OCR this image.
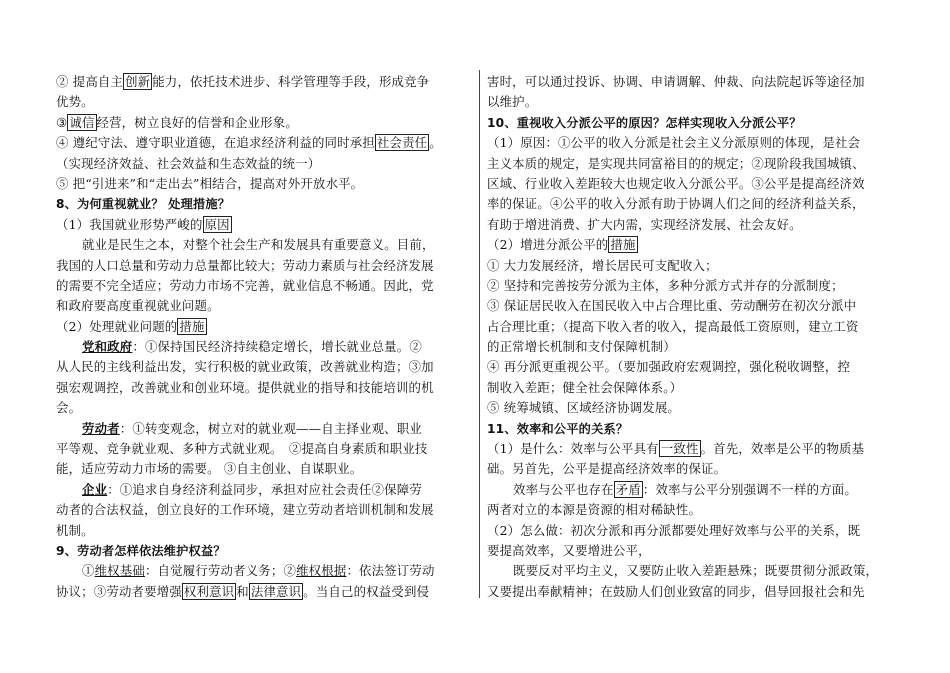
② 提高自主 创新 能力，依托技术进步、科学管理等手段，形成竞争
优势。
③ 诚信 经营，树立良好的信誉和企业形象。
④ 遵纪守法、遵守职业道德，在追求经济利益的同时承担 社会责任 。
（实现经济效益、社会效益和生态效益的统一）
⑤ 把“引进来”和“走出去”相结合，提高对外开放水平。
8、为何重视就业？ 处理措施？
（1）我国就业形势严峻的 原因
就业是民生之本，对整个社会生产和发展具有重要意义。目前，
我国的人口总量和劳动力总量都比较大；劳动力素质与社会经济发展
的需要不完全适应；劳动力市场不完善，就业信息不畅通。因此，党
和政府要高度重视就业问题。
（2）处理就业问题的 措施
党和政府：①保持国民经济持续稳定增长，增长就业总量。②
从人民的主线利益出发，实行积极的就业政策，改善就业构造；③加
强宏观调控，改善就业和创业环境。提供就业的指导和技能培训的机
会。
劳动者：①转变观念，树立对的就业观——自主择业观、职业
平等观、竞争就业观、多种方式就业观。　②提高自身素质和职业技
能，适应劳动力市场的需要。 ③自主创业、自谋职业。
企业：①追求自身经济利益同步，承担对应社会责任②保障劳
动者的合法权益，创立良好的工作环境，建立劳动者培训机制和发展
机制。
9、劳动者怎样依法维护权益？
①维权基础：自觉履行劳动者义务；②维权根据：依法签订劳动
协议；③劳动者要增强 权利意识 和 法律意识 。当自己的权益受到侵
害时，可以通过投诉、协调、申请调解、仲裁、向法院起诉等途径加
以维护。
10、重视收入分派公平的原因？怎样实现收入分派公平？
（1）原因：①公平的收入分派是社会主义分派原则的体现，是社会
主义本质的规定，是实现共同富裕目的的规定；②现阶段我国城镇、
区域、行业收入差距较大也规定收入分派公平。③公平是提高经济效
率的保证。④公平的收入分派有助于协调人们之间的经济利益关系，
有助于增进消费、扩大内需，实现经济发展、社会友好。
（2）增进分派公平的 措施
① 大力发展经济，增长居民可支配收入；
② 坚持和完善按劳分派为主体，多种分派方式并存的分派制度；
③ 保证居民收入在国民收入中占合理比重、劳动酬劳在初次分派中
占合理比重；（提高下收入者的收入，提高最低工资原则，建立工资
的正常增长机制和支付保障机制）
④ 再分派更重视公平。（要加强政府宏观调控，强化税收调整，控
制收入差距；健全社会保障体系。）
⑤ 统筹城镇、区域经济协调发展。
11、效率和公平的关系？
（1）是什么：效率与公平具有 一致性 。首先，效率是公平的物质基
础。另首先，公平是提高经济效率的保证。
效率与公平也存在 矛盾 ：效率与公平分别强调不一样的方面。
两者对立的本源是资源的相对稀缺性。
（2）怎么做：初次分派和再分派都要处理好效率与公平的关系，既
要提高效率，又要增进公平，
既要反对平均主义，又要防止收入差距悬殊；既要贯彻分派政策，
又要提出奉献精神；在鼓励人们创业致富的同步，倡导回报社会和先
